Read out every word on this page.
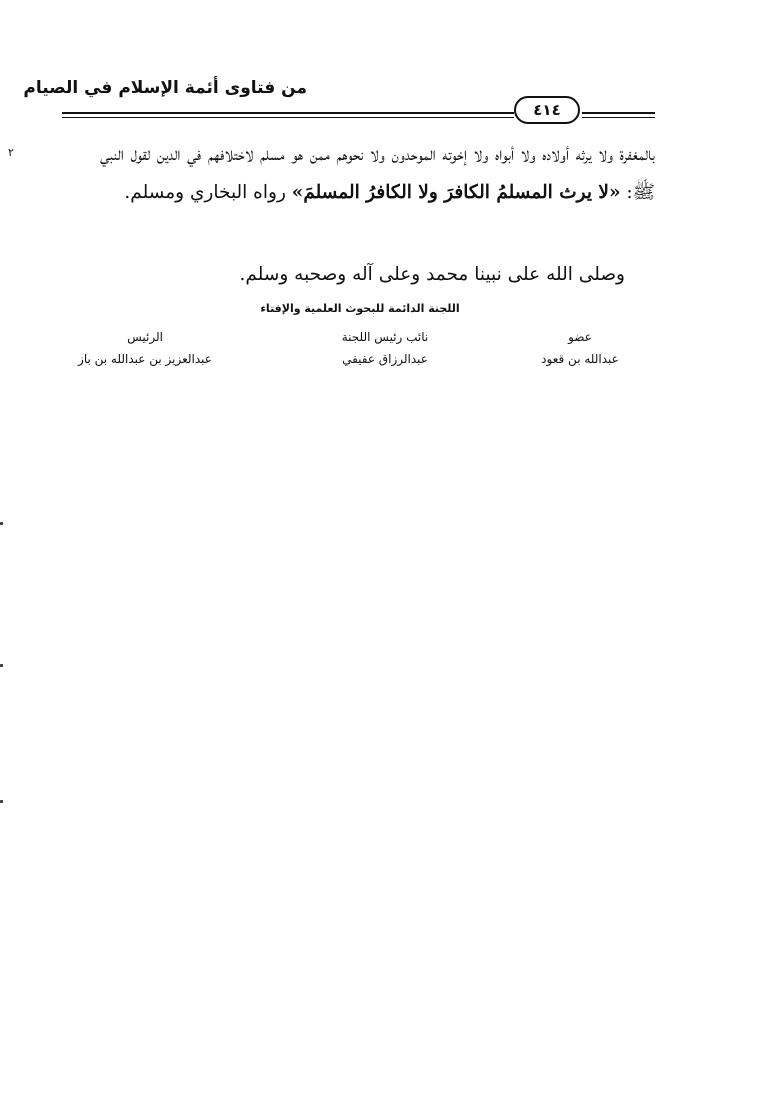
من فتاوى أئمة الإسلام في الصيام
٤١٤
٢	بالمغفرة ولا يرثه أولاده ولا أبواه ولا إخوته الموحدون ولا نحوهم ممن هو مسلم لاختلافهم في الدين لقول النبي ﷺ: «لا يرث المسلمُ الكافرَ ولا الكافرُ المسلمَ» رواه البخاري ومسلم.
وصلى الله على نبينا محمد وعلى آله وصحبه وسلم.
اللجنة الدائمة للبحوث العلمية والإفتاء
عضو
عبدالله بن قعود
نائب رئيس اللجنة
عبدالرزاق عفيفي
الرئيس
عبدالعزيز بن عبدالله بن باز
